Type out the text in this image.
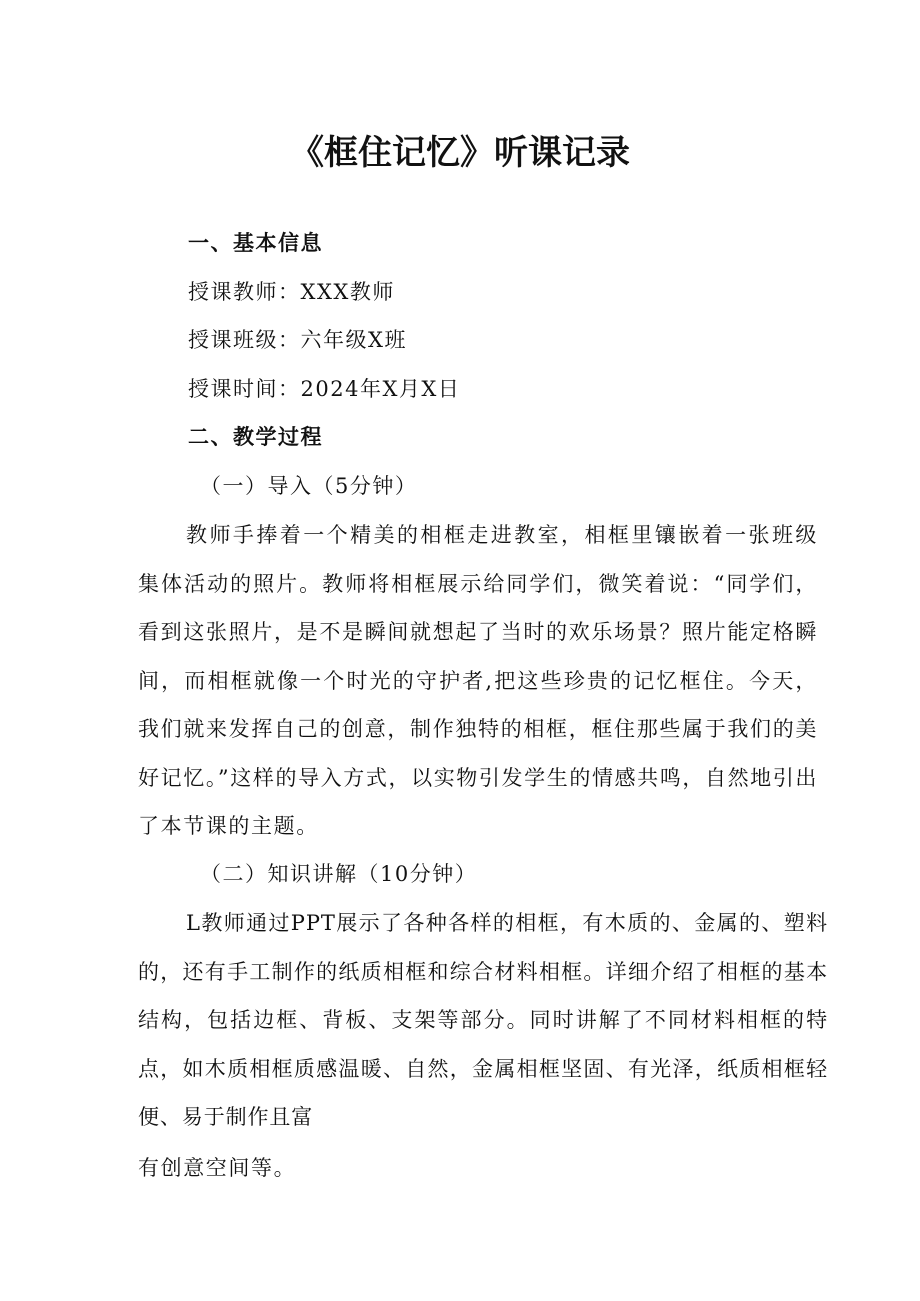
《框住记忆》听课记录
一、基本信息
授课教师：XXX教师
授课班级：六年级X班
授课时间：2024年X月X日
二、教学过程
（一）导入（5分钟）

教师手捧着一个精美的相框走进教室，相框里镶嵌着一张班级集体活动的照片。教师将相框展示给同学们，微笑着说：“同学们，看到这张照片，是不是瞬间就想起了当时的欢乐场景？照片能定格瞬间，而相框就像一个时光的守护者,把这些珍贵的记忆框住。今天，我们就来发挥自己的创意，制作独特的相框，框住那些属于我们的美好记忆。”这样的导入方式，以实物引发学生的情感共鸣，自然地引出了本节课的主题。

（二）知识讲解（10分钟）

L教师通过PPT展示了各种各样的相框，有木质的、金属的、塑料的，还有手工制作的纸质相框和综合材料相框。详细介绍了相框的基本结构，包括边框、背板、支架等部分。同时讲解了不同材料相框的特点，如木质相框质感温暖、自然，金属相框坚固、有光泽，纸质相框轻便、易于制作且富

有创意空间等。
